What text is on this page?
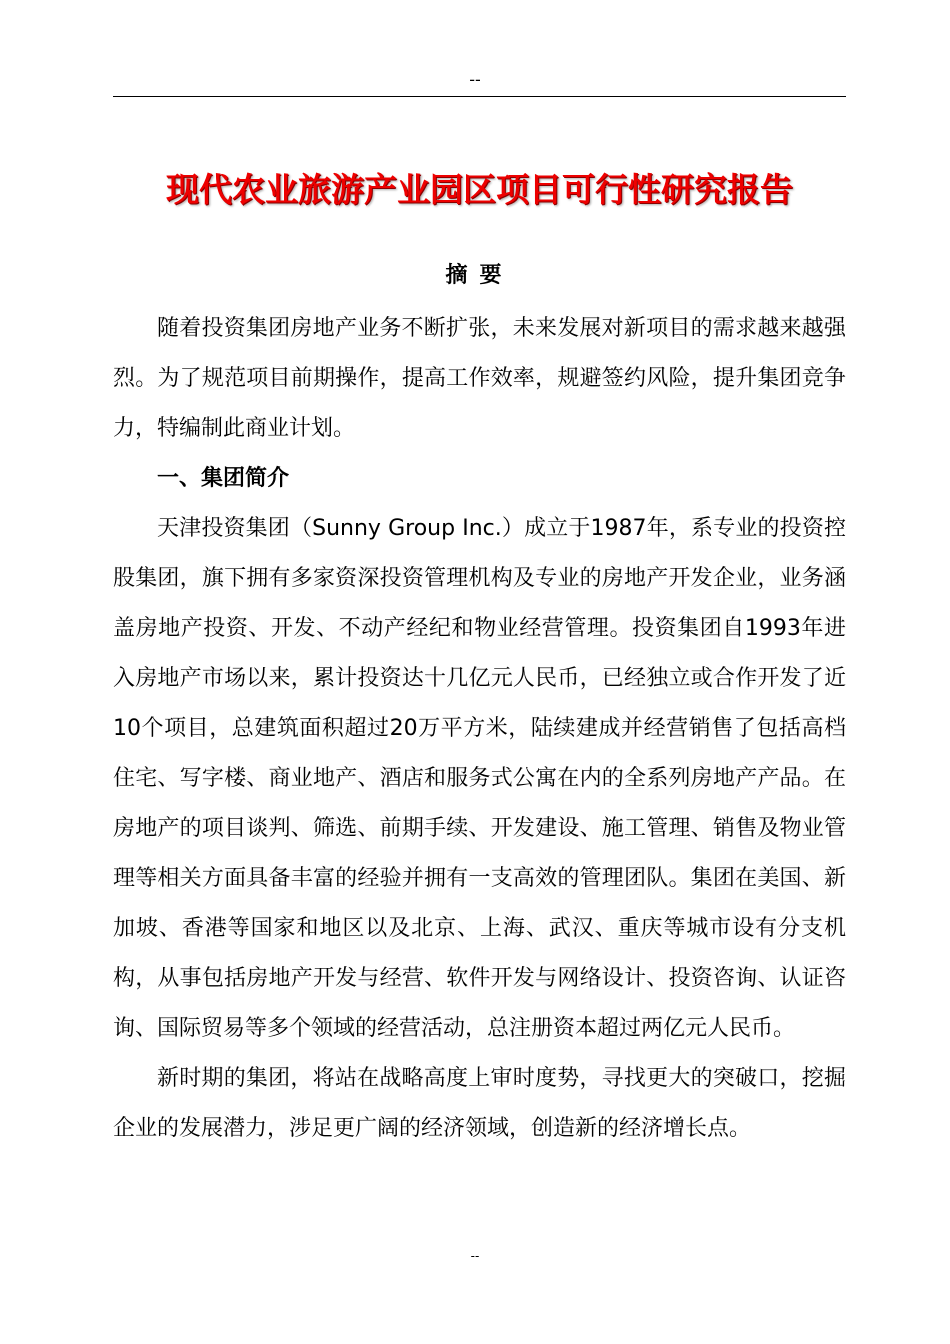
--
现代农业旅游产业园区项目可行性研究报告
摘要

随着投资集团房地产业务不断扩张，未来发展对新项目的需求越来越强烈。为了规范项目前期操作，提高工作效率，规避签约风险，提升集团竞争力，特编制此商业计划。

一、集团简介

天津投资集团（Sunny Group Inc.）成立于1987年，系专业的投资控股集团，旗下拥有多家资深投资管理机构及专业的房地产开发企业，业务涵盖房地产投资、开发、不动产经纪和物业经营管理。投资集团自1993年进入房地产市场以来，累计投资达十几亿元人民币，已经独立或合作开发了近10个项目，总建筑面积超过20万平方米，陆续建成并经营销售了包括高档住宅、写字楼、商业地产、酒店和服务式公寓在内的全系列房地产产品。在房地产的项目谈判、筛选、前期手续、开发建设、施工管理、销售及物业管理等相关方面具备丰富的经验并拥有一支高效的管理团队。集团在美国、新加坡、香港等国家和地区以及北京、上海、武汉、重庆等城市设有分支机构，从事包括房地产开发与经营、软件开发与网络设计、投资咨询、认证咨询、国际贸易等多个领域的经营活动，总注册资本超过两亿元人民币。

新时期的集团，将站在战略高度上审时度势，寻找更大的突破口，挖掘企业的发展潜力，涉足更广阔的经济领域，创造新的经济增长点。

--
